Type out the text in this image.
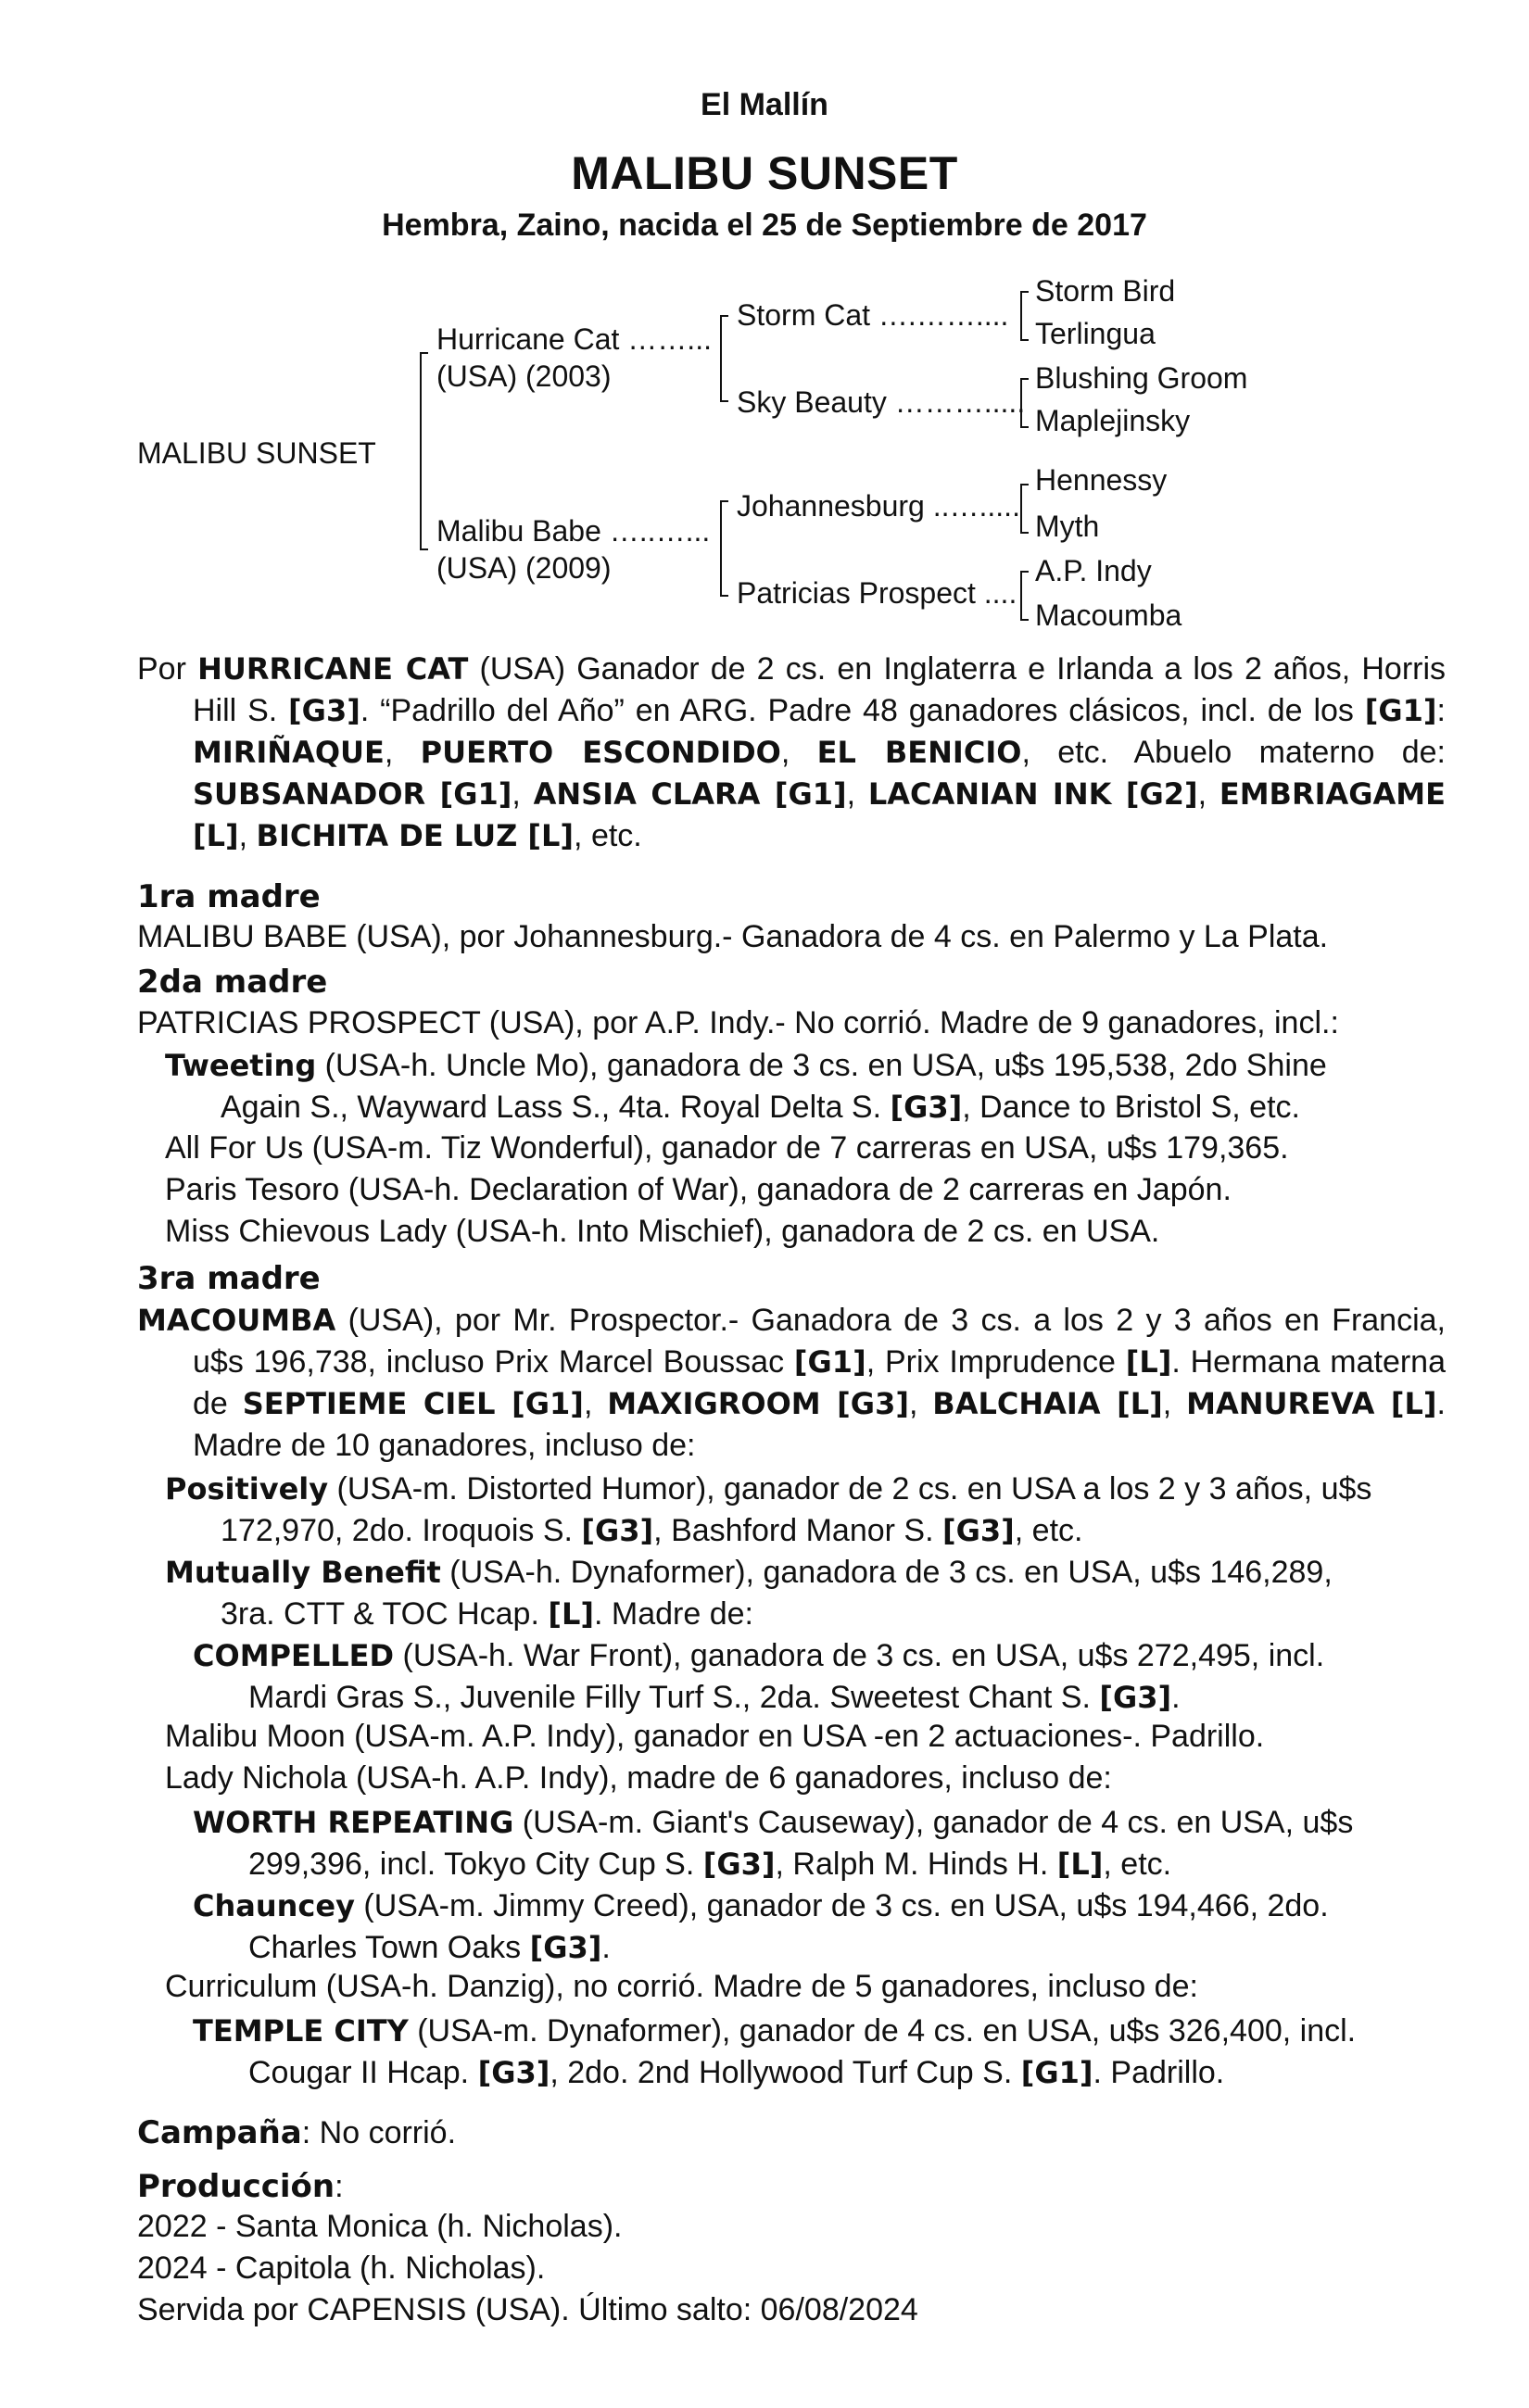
El Mallín
MALIBU SUNSET
Hembra, Zaino, nacida el 25 de Septiembre de 2017
MALIBU SUNSET
Hurricane Cat ……...
(USA) (2003)
Malibu Babe …..…...
(USA) (2009)
Storm Cat ….……....
Sky Beauty ……….....
Johannesburg ..….....
Patricias Prospect ....
Storm Bird
Terlingua
Blushing Groom
Maplejinsky
Hennessy
Myth
A.P. Indy
Macoumba
Por HURRICANE CAT (USA) Ganador de 2 cs. en Inglaterra e Irlanda a los 2 años, Horris Hill S. [G3]. “Padrillo del Año” en ARG. Padre 48 ganadores clásicos, incl. de los [G1]: MIRIÑAQUE, PUERTO ESCONDIDO, EL BENICIO, etc. Abuelo materno de: SUBSANADOR [G1], ANSIA CLARA [G1], LACANIAN INK [G2], EMBRIAGAME [L], BICHITA DE LUZ [L], etc.
1ra madre
MALIBU BABE (USA), por Johannesburg.- Ganadora de 4 cs. en Palermo y La Plata.
2da madre
PATRICIAS PROSPECT (USA), por A.P. Indy.- No corrió. Madre de 9 ganadores, incl.:
Tweeting (USA-h. Uncle Mo), ganadora de 3 cs. en USA, u$s 195,538, 2do Shine Again S., Wayward Lass S., 4ta. Royal Delta S. [G3], Dance to Bristol S, etc.
All For Us (USA-m. Tiz Wonderful), ganador de 7 carreras en USA, u$s 179,365.
Paris Tesoro (USA-h. Declaration of War), ganadora de 2 carreras en Japón.
Miss Chievous Lady (USA-h. Into Mischief), ganadora de 2 cs. en USA.
3ra madre
MACOUMBA (USA), por Mr. Prospector.- Ganadora de 3 cs. a los 2 y 3 años en Francia, u$s 196,738, incluso Prix Marcel Boussac [G1], Prix Imprudence [L]. Hermana materna de SEPTIEME CIEL [G1], MAXIGROOM [G3], BALCHAIA [L], MANUREVA [L]. Madre de 10 ganadores, incluso de:
Positively (USA-m. Distorted Humor), ganador de 2 cs. en USA a los 2 y 3 años, u$s 172,970, 2do. Iroquois S. [G3], Bashford Manor S. [G3], etc.
Mutually Benefit (USA-h. Dynaformer), ganadora de 3 cs. en USA, u$s 146,289, 3ra. CTT & TOC Hcap. [L]. Madre de:
COMPELLED (USA-h. War Front), ganadora de 3 cs. en USA, u$s 272,495, incl. Mardi Gras S., Juvenile Filly Turf S., 2da. Sweetest Chant S. [G3].
Malibu Moon (USA-m. A.P. Indy), ganador en USA -en 2 actuaciones-. Padrillo.
Lady Nichola (USA-h. A.P. Indy), madre de 6 ganadores, incluso de:
WORTH REPEATING (USA-m. Giant's Causeway), ganador de 4 cs. en USA, u$s 299,396, incl. Tokyo City Cup S. [G3], Ralph M. Hinds H. [L], etc.
Chauncey (USA-m. Jimmy Creed), ganador de 3 cs. en USA, u$s 194,466, 2do. Charles Town Oaks [G3].
Curriculum (USA-h. Danzig), no corrió. Madre de 5 ganadores, incluso de:
TEMPLE CITY (USA-m. Dynaformer), ganador de 4 cs. en USA, u$s 326,400, incl. Cougar II Hcap. [G3], 2do. 2nd Hollywood Turf Cup S. [G1]. Padrillo.
Campaña: No corrió.
Producción:
2022 - Santa Monica (h. Nicholas).
2024 - Capitola (h. Nicholas).
Servida por CAPENSIS (USA). Último salto: 06/08/2024
